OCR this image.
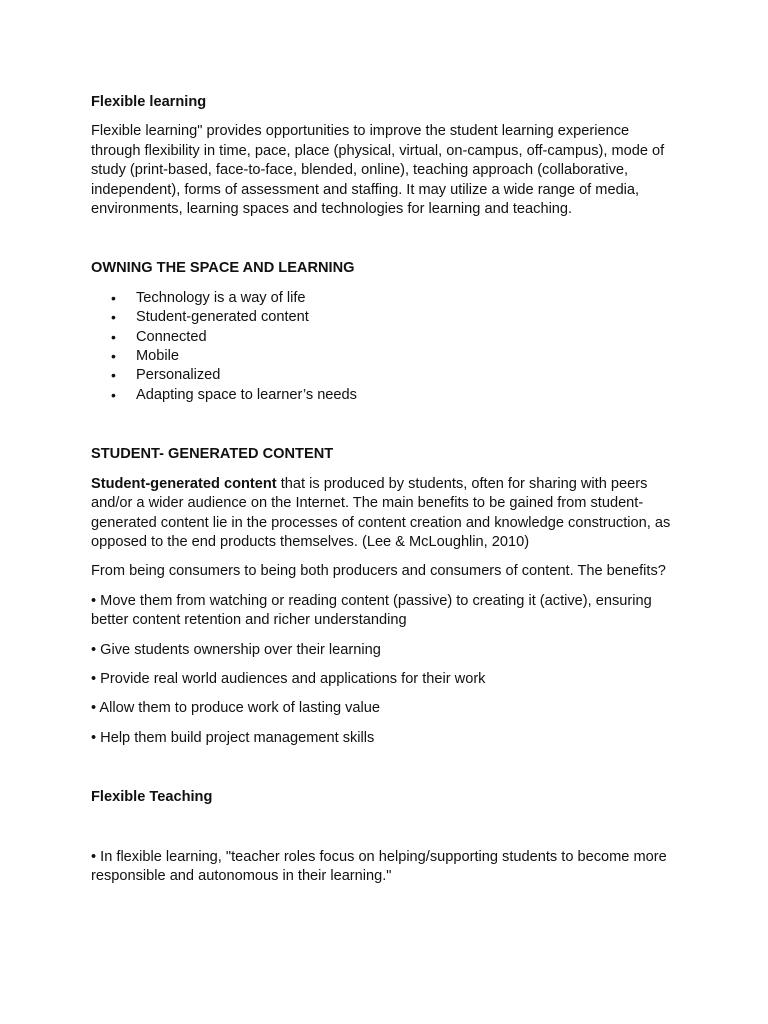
Flexible learning

Flexible learning" provides opportunities to improve the student learning experience through flexibility in time, pace, place (physical, virtual, on-campus, off-campus), mode of study (print-based, face-to-face, blended, online), teaching approach (collaborative, independent), forms of assessment and staffing. It may utilize a wide range of media, environments, learning spaces and technologies for learning and teaching.

OWNING THE SPACE AND LEARNING
• Technology is a way of life
• Student-generated content
• Connected
• Mobile
• Personalized
• Adapting space to learner’s needs
STUDENT- GENERATED CONTENT

Student-generated content that is produced by students, often for sharing with peers and/or a wider audience on the Internet. The main benefits to be gained from student-generated content lie in the processes of content creation and knowledge construction, as opposed to the end products themselves. (Lee & McLoughlin, 2010)

From being consumers to being both producers and consumers of content. The benefits?

• Move them from watching or reading content (passive) to creating it (active), ensuring better content retention and richer understanding

• Give students ownership over their learning

• Provide real world audiences and applications for their work

• Allow them to produce work of lasting value

• Help them build project management skills

Flexible Teaching

• In flexible learning, "teacher roles focus on helping/supporting students to become more responsible and autonomous in their learning."
